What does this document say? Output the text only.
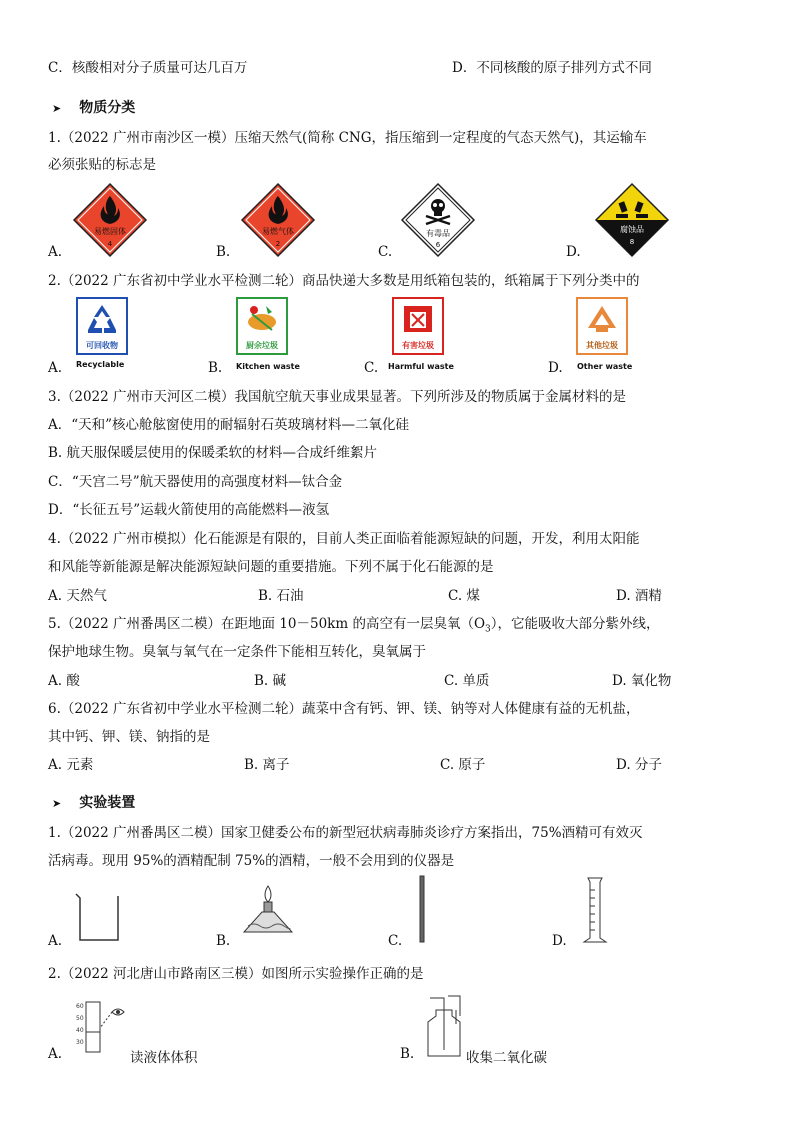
C．核酸相对分子质量可达几百万	D．不同核酸的原子排列方式不同
➤ 物质分类
1.（2022 广州市南沙区一模）压缩天然气(简称 CNG，指压缩到一定程度的气态天然气)，其运输车
必须张贴的标志是
A.
易燃固体
4	B.
易燃气体
2	C.
有毒品
6	D.
腐蚀品
8
2.（2022 广东省初中学业水平检测二轮）商品快递大多数是用纸箱包装的，纸箱属于下列分类中的
A.
可回收物
Recyclable	B.
厨余垃圾
Kitchen waste	C.
有害垃圾
Harmful waste	D.
其他垃圾
Other waste
3.（2022 广州市天河区二模）我国航空航天事业成果显著。下列所涉及的物质属于金属材料的是
A．“天和”核心舱舷窗使用的耐辐射石英玻璃材料—二氧化硅
B. 航天服保暖层使用的保暖柔软的材料—合成纤维絮片
C．“天宫二号”航天器使用的高强度材料—钛合金
D．“长征五号”运载火箭使用的高能燃料—液氢
4.（2022 广州市模拟）化石能源是有限的，目前人类正面临着能源短缺的问题，开发，利用太阳能
和风能等新能源是解决能源短缺问题的重要措施。下列不属于化石能源的是
A. 天然气	B. 石油	C. 煤	D. 酒精
5.（2022 广州番禺区二模）在距地面 10－50km 的高空有一层臭氧$(O_3)$，它能吸收大部分紫外线，
保护地球生物。臭氧与氧气在一定条件下能相互转化，臭氧属于
A. 酸	B. 碱	C. 单质	D. 氧化物
6.（2022 广东省初中学业水平检测二轮）蔬菜中含有钙、钾、镁、钠等对人体健康有益的无机盐，
其中钙、钾、镁、钠指的是
A. 元素	B. 离子	C. 原子	D. 分子
➤ 实验装置
1.（2022 广州番禺区二模）国家卫健委公布的新型冠状病毒肺炎诊疗方案指出，75%酒精可有效灭
活病毒。现用 95%的酒精配制 75%的酒精，一般不会用到的仪器是
A.	B.	C.	D.
2.（2022 河北唐山市路南区三模）如图所示实验操作正确的是
A.
60
50
40
30
读液体体积	B.	收集二氧化碳
